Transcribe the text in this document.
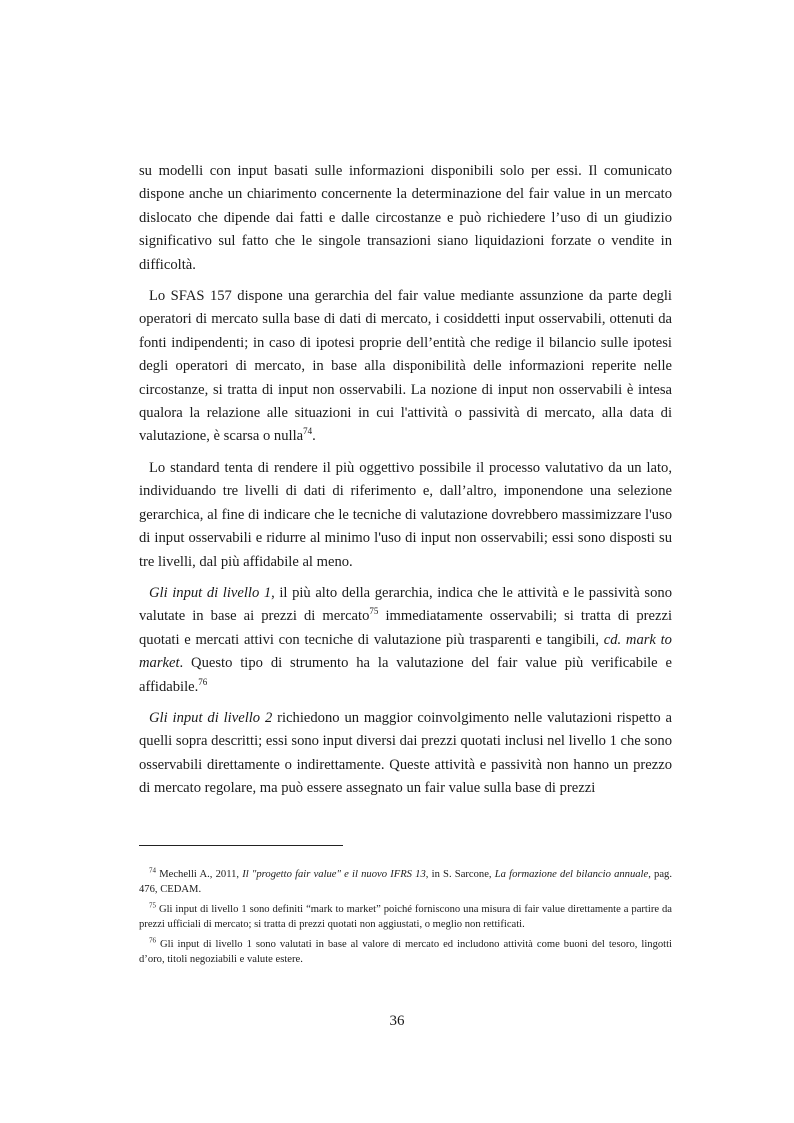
su modelli con input basati sulle informazioni disponibili solo per essi. Il comunicato dispone anche un chiarimento concernente la determinazione del fair value in un mercato dislocato che dipende dai fatti e dalle circostanze e può richiedere l’uso di un giudizio significativo sul fatto che le singole transazioni siano liquidazioni forzate o vendite in difficoltà.

Lo SFAS 157 dispone una gerarchia del fair value mediante assunzione da parte degli operatori di mercato sulla base di dati di mercato, i cosiddetti input osservabili, ottenuti da fonti indipendenti; in caso di ipotesi proprie dell’entità che redige il bilancio sulle ipotesi degli operatori di mercato, in base alla disponibilità delle informazioni reperite nelle circostanze, si tratta di input non osservabili. La nozione di input non osservabili è intesa qualora la relazione alle situazioni in cui l'attività o passività di mercato, alla data di valutazione, è scarsa o nulla$^{74}$.

Lo standard tenta di rendere il più oggettivo possibile il processo valutativo da un lato, individuando tre livelli di dati di riferimento e, dall’altro, imponendone una selezione gerarchica, al fine di indicare che le tecniche di valutazione dovrebbero massimizzare l'uso di input osservabili e ridurre al minimo l'uso di input non osservabili; essi sono disposti su tre livelli, dal più affidabile al meno.

Gli input di livello 1, il più alto della gerarchia, indica che le attività e le passività sono valutate in base ai prezzi di mercato$^{75}$ immediatamente osservabili; si tratta di prezzi quotati e mercati attivi con tecniche di valutazione più trasparenti e tangibili, cd. mark to market. Questo tipo di strumento ha la valutazione del fair value più verificabile e affidabile.$^{76}$

Gli input di livello 2 richiedono un maggior coinvolgimento nelle valutazioni rispetto a quelli sopra descritti; essi sono input diversi dai prezzi quotati inclusi nel livello 1 che sono osservabili direttamente o indirettamente. Queste attività e passività non hanno un prezzo di mercato regolare, ma può essere assegnato un fair value sulla base di prezzi

$^{74}$ Mechelli A., 2011, Il "progetto fair value" e il nuovo IFRS 13, in S. Sarcone, La formazione del bilancio annuale, pag. 476, CEDAM.

$^{75}$ Gli input di livello 1 sono definiti “mark to market” poiché forniscono una misura di fair value direttamente a partire da prezzi ufficiali di mercato; si tratta di prezzi quotati non aggiustati, o meglio non rettificati.

$^{76}$ Gli input di livello 1 sono valutati in base al valore di mercato ed includono attività come buoni del tesoro, lingotti d’oro, titoli negoziabili e valute estere.

36
